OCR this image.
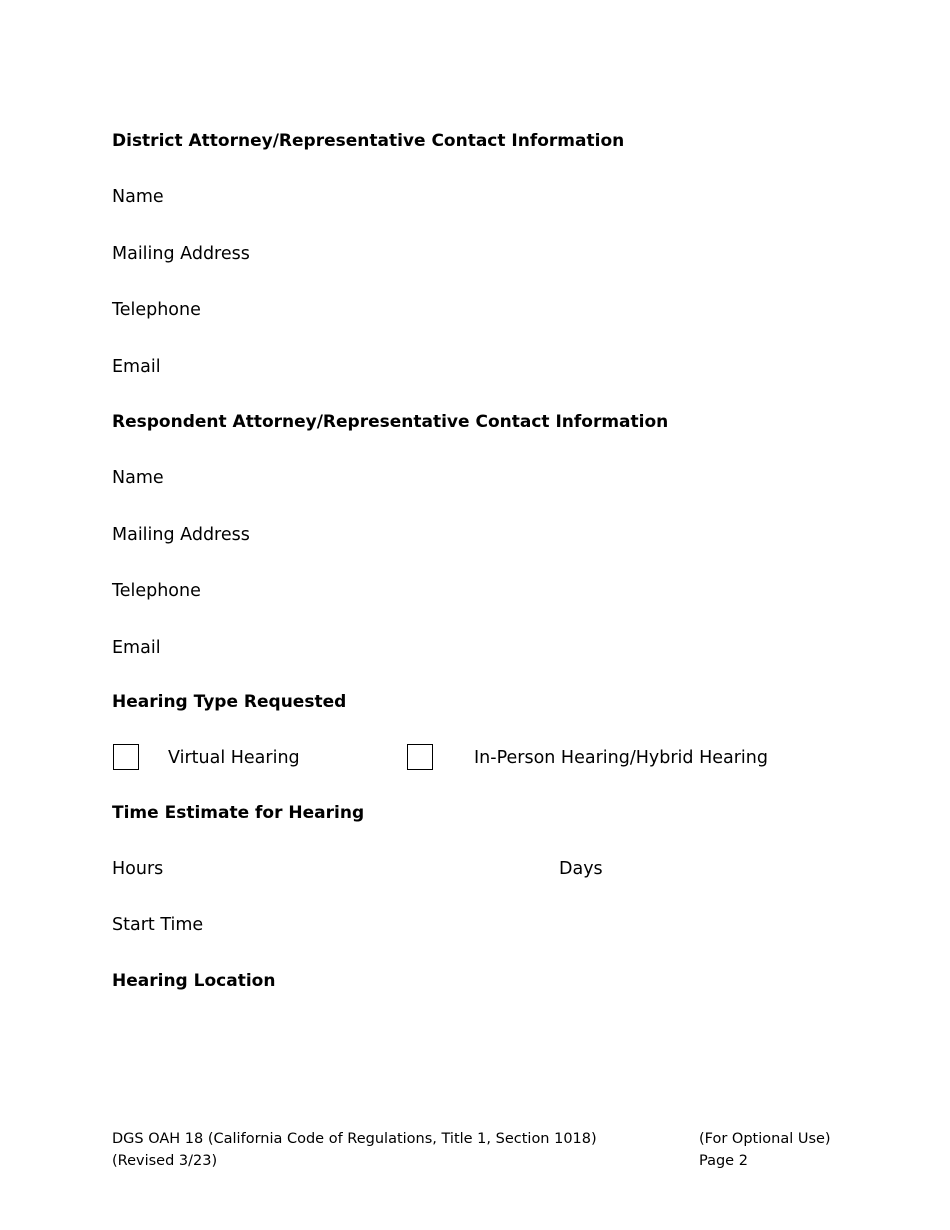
District Attorney/Representative Contact Information
Name
Mailing Address
Telephone
Email
Respondent Attorney/Representative Contact Information
Name
Mailing Address
Telephone
Email
Hearing Type Requested
Virtual Hearing	In-Person Hearing/Hybrid Hearing
Time Estimate for Hearing
Hours	Days
Start Time
Hearing Location
DGS OAH 18 (California Code of Regulations, Title 1, Section 1018)
(Revised 3/23)
(For Optional Use)
Page 2
